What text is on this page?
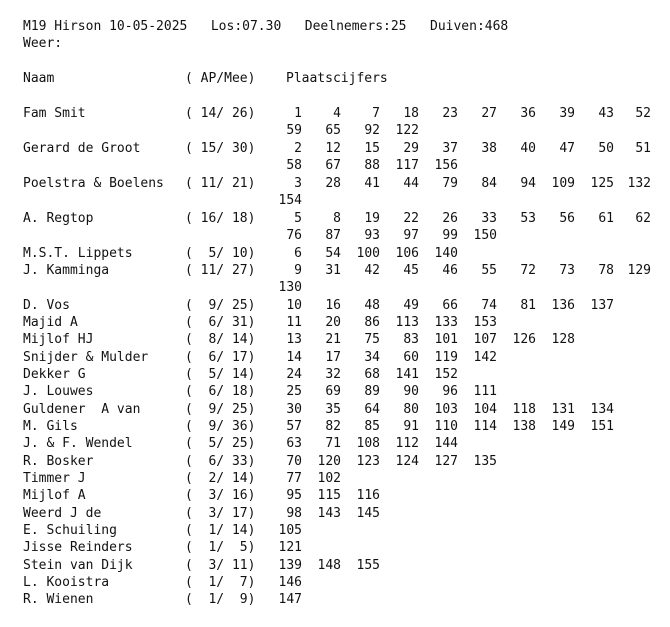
M19 Hirson 10-05-2025   Los:07.30   Deelnemers:25   Duiven:468
Weer:
Naam	( AP/Mee) Plaatscijfers
Fam Smit	( 14/ 26)	1	4	7	18	23	27	36	39	43	52
59	65	92	122
Gerard de Groot	( 15/ 30)	2	12	15	29	37	38	40	47	50	51
58	67	88	117	156
Poelstra & Boelens ( 11/ 21)	3	28	41	44	79	84	94	109	125	132
154
A. Regtop	( 16/ 18)	5	8	19	22	26	33	53	56	61	62
76	87	93	97	99	150
M.S.T. Lippets	(  5/ 10)	6	54	100	106	140
J. Kamminga	( 11/ 27)	9	31	42	45	46	55	72	73	78	129
130
D. Vos	(  9/ 25)	10	16	48	49	66	74	81	136	137
Majid A	(  6/ 31)	11	20	86	113	133	153
Mijlof HJ	(  8/ 14)	13	21	75	83	101	107	126	128
Snijder & Mulder	(  6/ 17)	14	17	34	60	119	142
Dekker G	(  5/ 14)	24	32	68	141	152
J. Louwes	(  6/ 18)	25	69	89	90	96	111
Guldener  A van	(  9/ 25)	30	35	64	80	103	104	118	131	134
M. Gils	(  9/ 36)	57	82	85	91	110	114	138	149	151
J. & F. Wendel	(  5/ 25)	63	71	108	112	144
R. Bosker	(  6/ 33)	70	120	123	124	127	135
Timmer J	(  2/ 14)	77	102
Mijlof A	(  3/ 16)	95	115	116
Weerd J de	(  3/ 17)	98	143	145
E. Schuiling	(  1/ 14)	105
Jisse Reinders	(  1/  5)	121
Stein van Dijk	(  3/ 11)	139	148	155
L. Kooistra	(  1/  7)	146
R. Wienen	(  1/  9)	147
